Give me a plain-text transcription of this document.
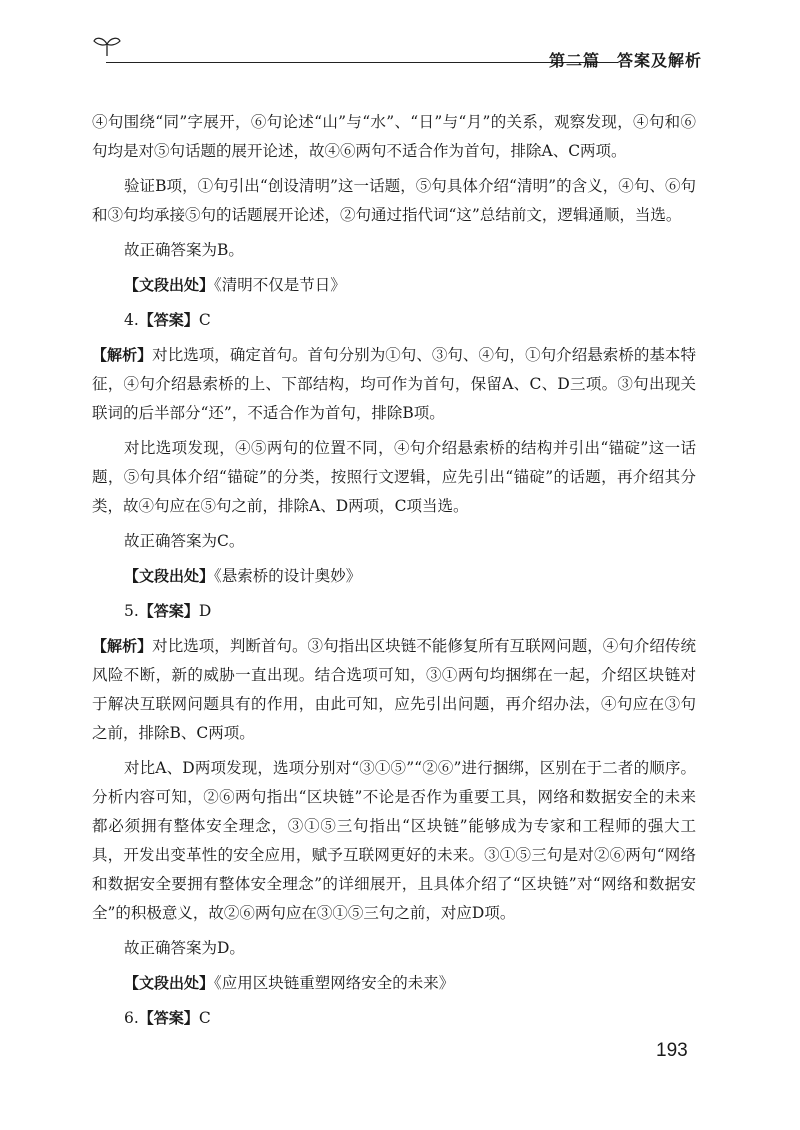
第二篇　答案及解析

④句围绕“同”字展开，⑥句论述“山”与“水”、“日”与“月”的关系，观察发现，④句和⑥句均是对⑤句话题的展开论述，故④⑥两句不适合作为首句，排除A、C两项。

验证B项，①句引出“创设清明”这一话题，⑤句具体介绍“清明”的含义，④句、⑥句和③句均承接⑤句的话题展开论述，②句通过指代词“这”总结前文，逻辑通顺，当选。

故正确答案为B。

【文段出处】《清明不仅是节日》

4.【答案】C

【解析】对比选项，确定首句。首句分别为①句、③句、④句，①句介绍悬索桥的基本特征，④句介绍悬索桥的上、下部结构，均可作为首句，保留A、C、D三项。③句出现关联词的后半部分“还”，不适合作为首句，排除B项。

对比选项发现，④⑤两句的位置不同，④句介绍悬索桥的结构并引出“锚碇”这一话题，⑤句具体介绍“锚碇”的分类，按照行文逻辑，应先引出“锚碇”的话题，再介绍其分类，故④句应在⑤句之前，排除A、D两项，C项当选。

故正确答案为C。

【文段出处】《悬索桥的设计奥妙》

5.【答案】D

【解析】对比选项，判断首句。③句指出区块链不能修复所有互联网问题，④句介绍传统风险不断，新的威胁一直出现。结合选项可知，③①两句均捆绑在一起，介绍区块链对于解决互联网问题具有的作用，由此可知，应先引出问题，再介绍办法，④句应在③句之前，排除B、C两项。

对比A、D两项发现，选项分别对“③①⑤”“②⑥”进行捆绑，区别在于二者的顺序。分析内容可知，②⑥两句指出“区块链”不论是否作为重要工具，网络和数据安全的未来都必须拥有整体安全理念，③①⑤三句指出“区块链”能够成为专家和工程师的强大工具，开发出变革性的安全应用，赋予互联网更好的未来。③①⑤三句是对②⑥两句“网络和数据安全要拥有整体安全理念”的详细展开，且具体介绍了“区块链”对“网络和数据安全”的积极意义，故②⑥两句应在③①⑤三句之前，对应D项。

故正确答案为D。

【文段出处】《应用区块链重塑网络安全的未来》

6.【答案】C

193
